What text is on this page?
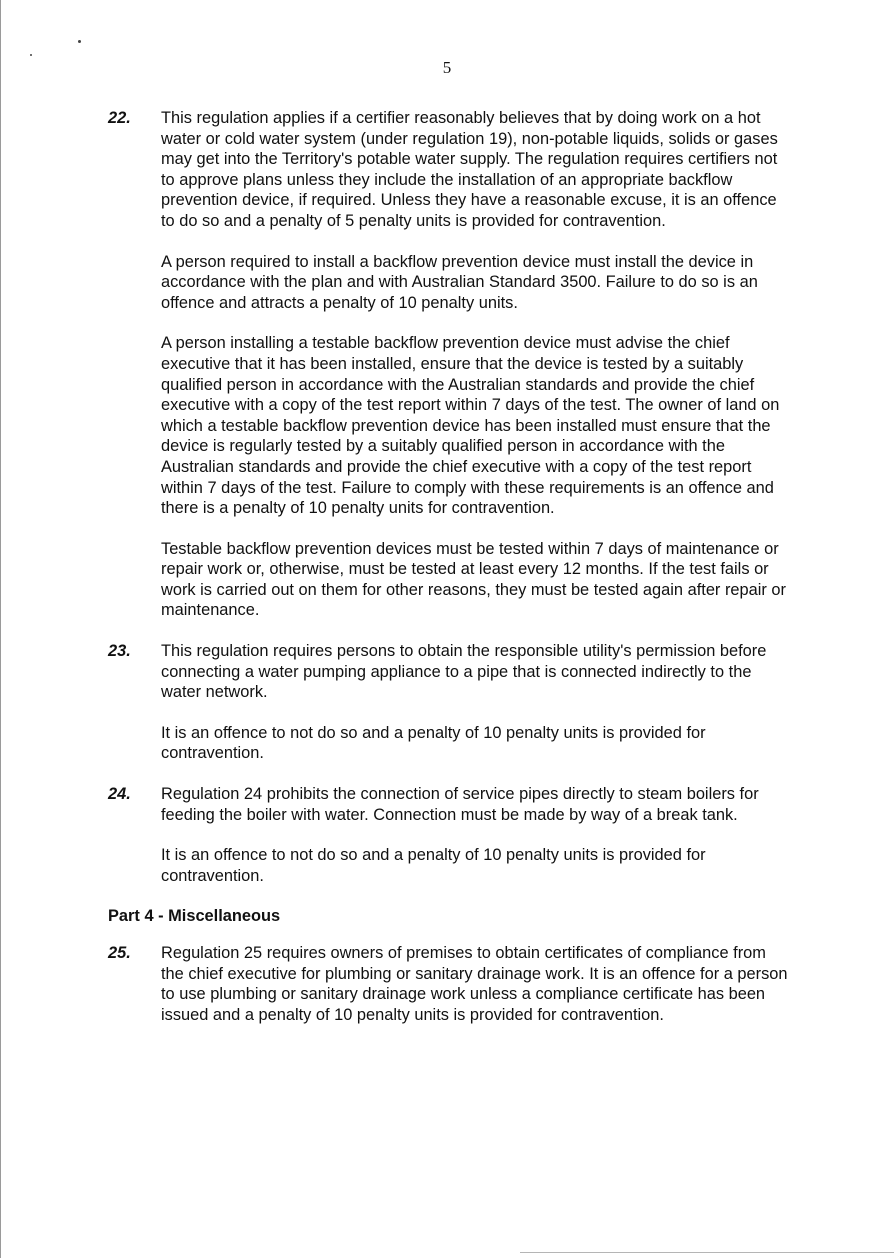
5
22. This regulation applies if a certifier reasonably believes that by doing work on a hot water or cold water system (under regulation 19), non-potable liquids, solids or gases may get into the Territory's potable water supply. The regulation requires certifiers not to approve plans unless they include the installation of an appropriate backflow prevention device, if required. Unless they have a reasonable excuse, it is an offence to do so and a penalty of 5 penalty units is provided for contravention.

A person required to install a backflow prevention device must install the device in accordance with the plan and with Australian Standard 3500. Failure to do so is an offence and attracts a penalty of 10 penalty units.

A person installing a testable backflow prevention device must advise the chief executive that it has been installed, ensure that the device is tested by a suitably qualified person in accordance with the Australian standards and provide the chief executive with a copy of the test report within 7 days of the test. The owner of land on which a testable backflow prevention device has been installed must ensure that the device is regularly tested by a suitably qualified person in accordance with the Australian standards and provide the chief executive with a copy of the test report within 7 days of the test. Failure to comply with these requirements is an offence and there is a penalty of 10 penalty units for contravention.

Testable backflow prevention devices must be tested within 7 days of maintenance or repair work or, otherwise, must be tested at least every 12 months. If the test fails or work is carried out on them for other reasons, they must be tested again after repair or maintenance.

23. This regulation requires persons to obtain the responsible utility's permission before connecting a water pumping appliance to a pipe that is connected indirectly to the water network.

It is an offence to not do so and a penalty of 10 penalty units is provided for contravention.

24. Regulation 24 prohibits the connection of service pipes directly to steam boilers for feeding the boiler with water. Connection must be made by way of a break tank.

It is an offence to not do so and a penalty of 10 penalty units is provided for contravention.

Part 4 - Miscellaneous
25. Regulation 25 requires owners of premises to obtain certificates of compliance from the chief executive for plumbing or sanitary drainage work. It is an offence for a person to use plumbing or sanitary drainage work unless a compliance certificate has been issued and a penalty of 10 penalty units is provided for contravention.
